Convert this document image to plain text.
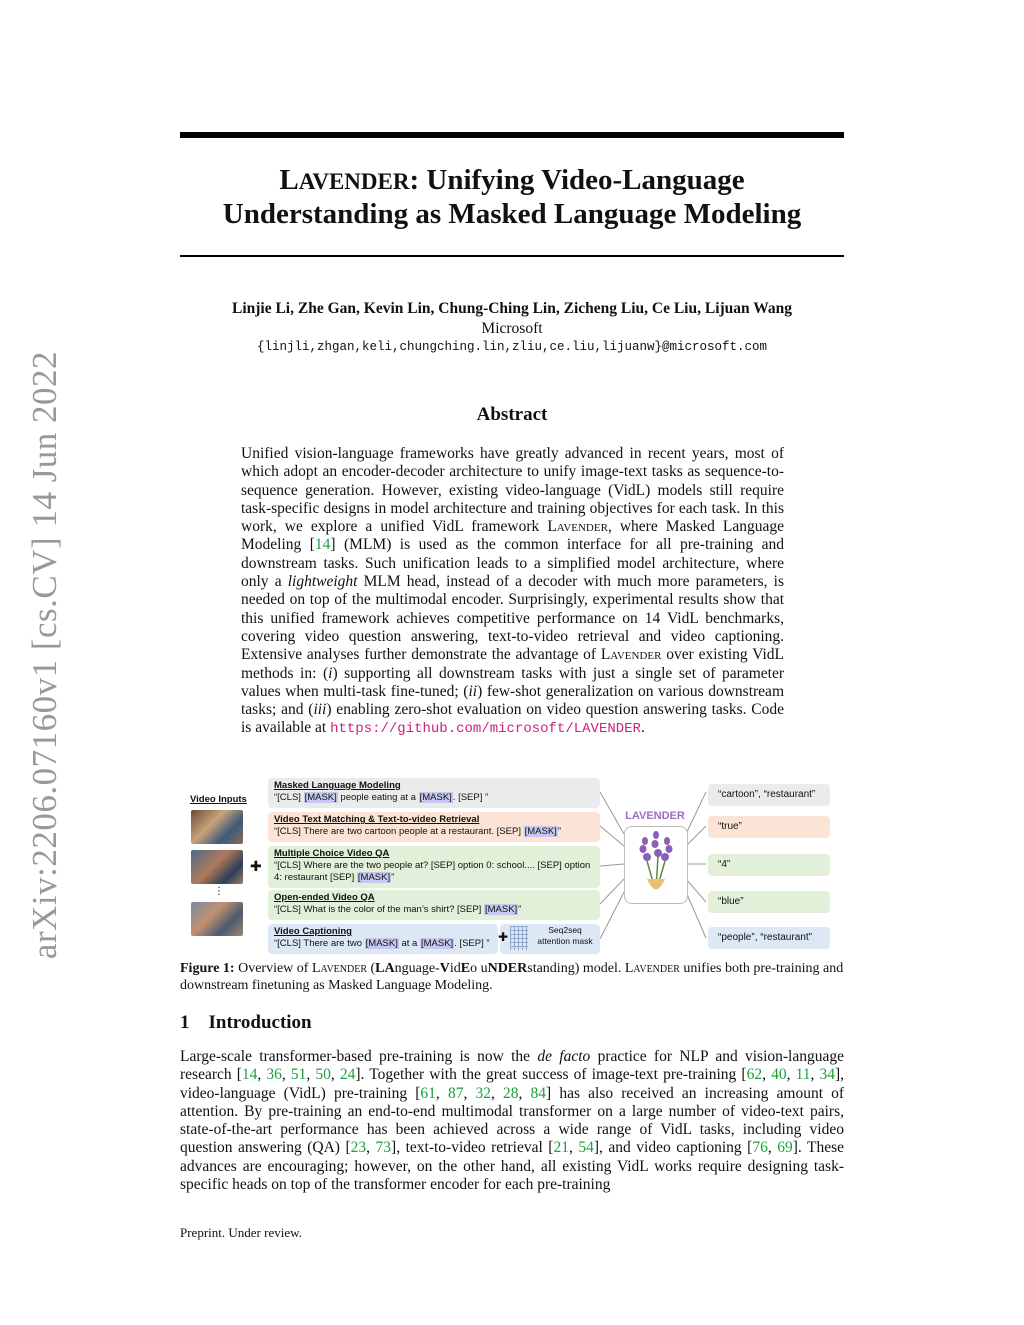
arXiv:2206.07160v1 [cs.CV] 14 Jun 2022
LAVENDER: Unifying Video-Language
Understanding as Masked Language Modeling
Linjie Li, Zhe Gan, Kevin Lin, Chung-Ching Lin, Zicheng Liu, Ce Liu, Lijuan Wang
Microsoft
{linjli,zhgan,keli,chungching.lin,zliu,ce.liu,lijuanw}@microsoft.com
Abstract

Unified vision-language frameworks have greatly advanced in recent years, most of which adopt an encoder-decoder architecture to unify image-text tasks as sequence-to-sequence generation. However, existing video-language (VidL) models still require task-specific designs in model architecture and training objectives for each task. In this work, we explore a unified VidL framework Lavender, where Masked Language Modeling [14] (MLM) is used as the common interface for all pre-training and downstream tasks. Such unification leads to a simplified model architecture, where only a lightweight MLM head, instead of a decoder with much more parameters, is needed on top of the multimodal encoder. Surprisingly, experimental results show that this unified framework achieves competitive performance on 14 VidL benchmarks, covering video question answering, text-to-video retrieval and video captioning. Extensive analyses further demonstrate the advantage of Lavender over existing VidL methods in: (i) supporting all downstream tasks with just a single set of parameter values when multi-task fine-tuned; (ii) few-shot generalization on various downstream tasks; and (iii) enabling zero-shot evaluation on video question answering tasks. Code is available at https://github.com/microsoft/LAVENDER.

Video Inputs
⋮
✚
Masked Language Modeling
“[CLS] [MASK] people eating at a [MASK]. [SEP] ”
Video Text Matching & Text-to-video Retrieval
“[CLS] There are two cartoon people at a restaurant. [SEP] [MASK]”
Multiple Choice Video QA
“[CLS] Where are the two people at? [SEP] option 0: school.... [SEP] option 4: restaurant [SEP] [MASK]”
Open-ended Video QA
“[CLS] What is the color of the man’s shirt? [SEP] [MASK]”
Video Captioning
“[CLS] There are two [MASK] at a [MASK]. [SEP] ” ✚	Seq2seq
attention mask
LAVENDER
“cartoon”, “restaurant”
“true”
“4”
“blue”
“people”, “restaurant”
Figure 1: Overview of Lavender (LAnguage-VidEo uNDERstanding) model. Lavender unifies both pre-training and downstream finetuning as Masked Language Modeling.
1 Introduction

Large-scale transformer-based pre-training is now the de facto practice for NLP and vision-language research [14, 36, 51, 50, 24]. Together with the great success of image-text pre-training [62, 40, 11, 34], video-language (VidL) pre-training [61, 87, 32, 28, 84] has also received an increasing amount of attention. By pre-training an end-to-end multimodal transformer on a large number of video-text pairs, state-of-the-art performance has been achieved across a wide range of VidL tasks, including video question answering (QA) [23, 73], text-to-video retrieval [21, 54], and video captioning [76, 69]. These advances are encouraging; however, on the other hand, all existing VidL works require designing task-specific heads on top of the transformer encoder for each pre-training

Preprint. Under review.
